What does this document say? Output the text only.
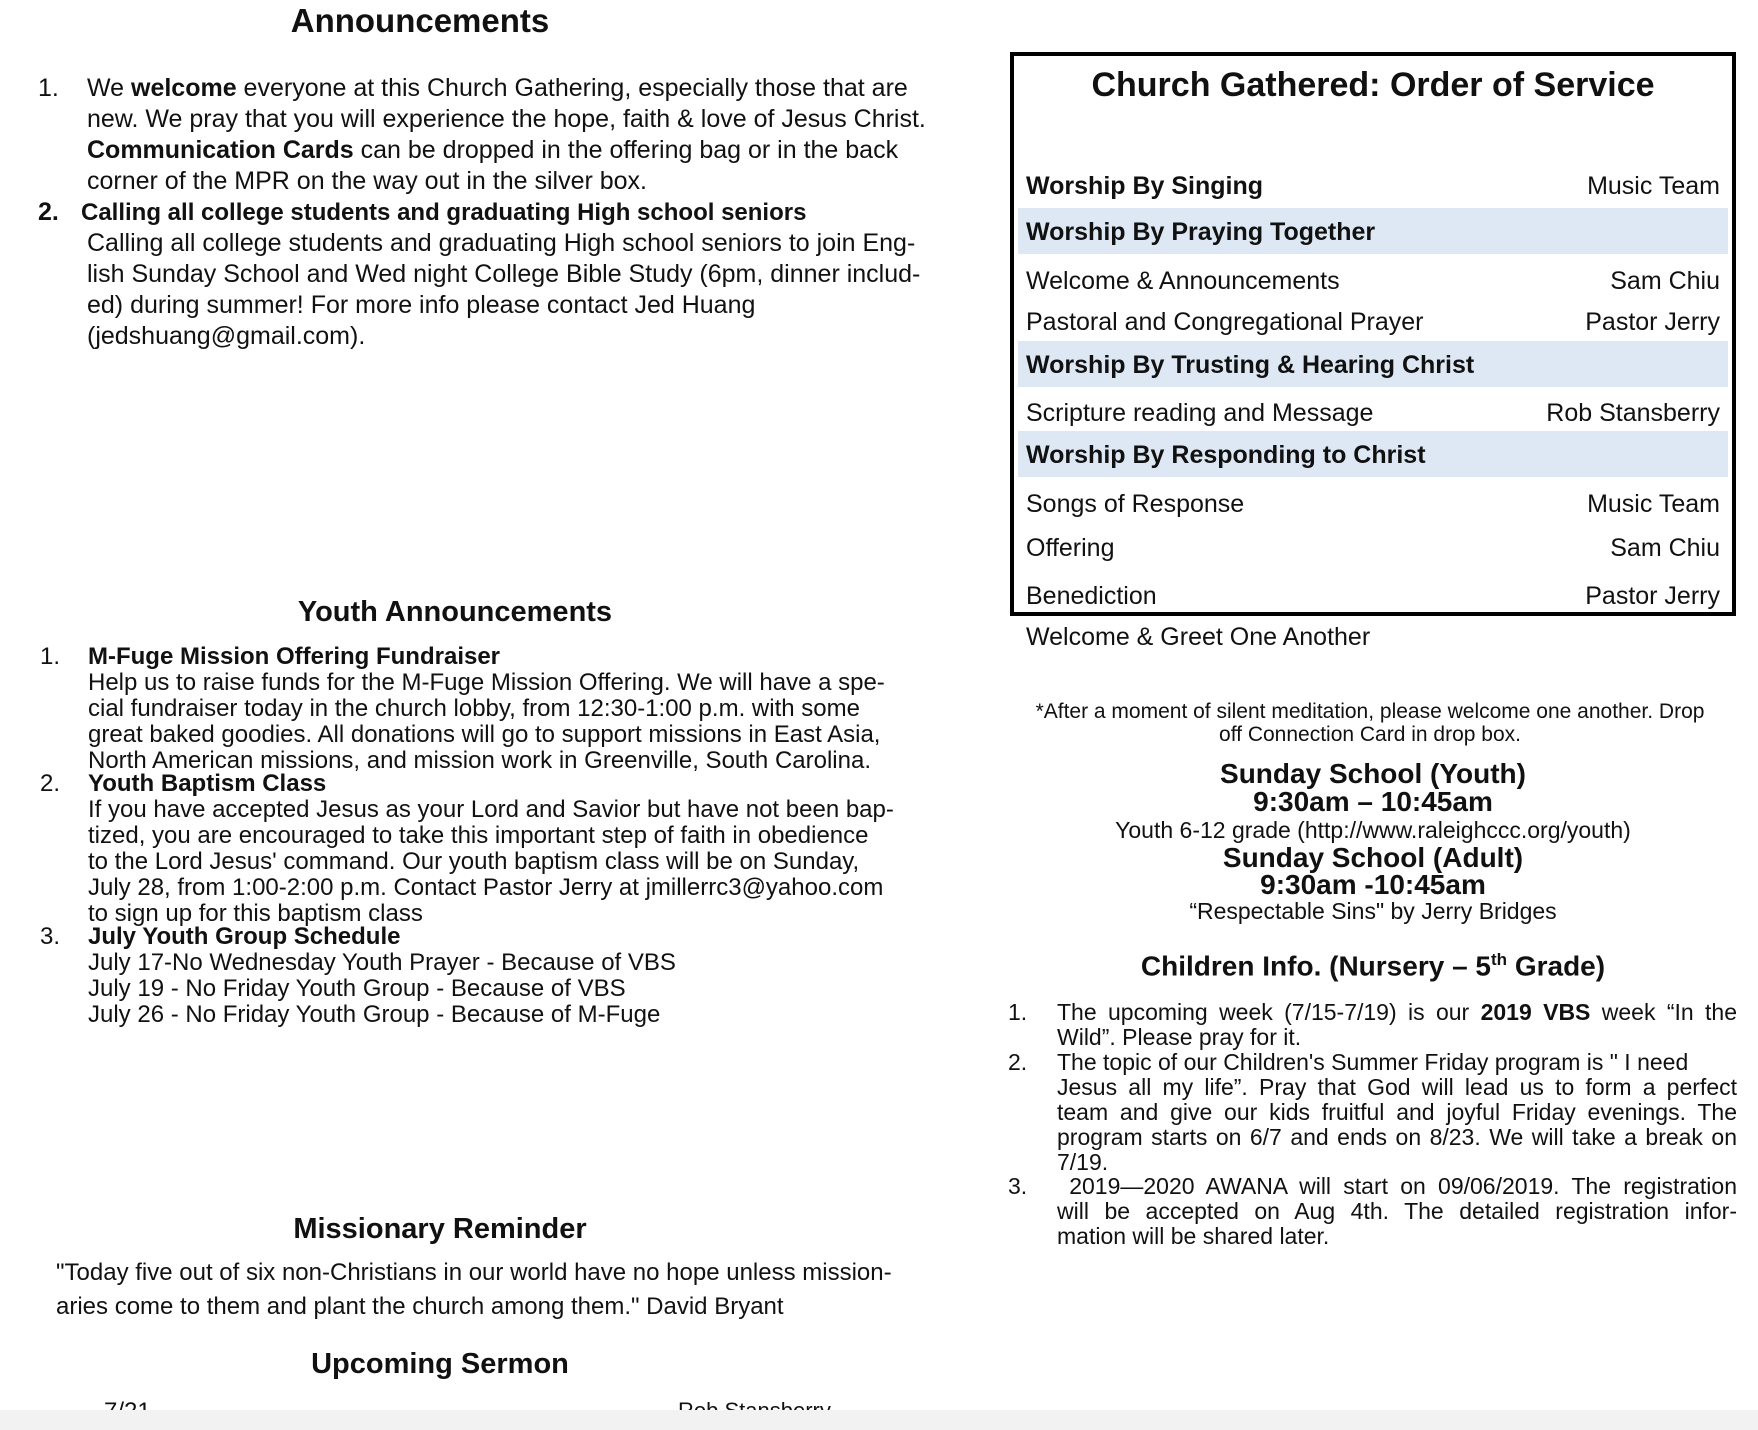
Announcements
1. We welcome everyone at this Church Gathering, especially those that are
new. We pray that you will experience the hope, faith & love of Jesus Christ.
Communication Cards can be dropped in the offering bag or in the back
corner of the MPR on the way out in the silver box.
2. Calling all college students and graduating High school seniors
Calling all college students and graduating High school seniors to join Eng-
lish Sunday School and Wed night College Bible Study (6pm, dinner includ-
ed) during summer! For more info please contact Jed Huang
(jedshuang@gmail.com).
Youth Announcements
1. M-Fuge Mission Offering Fundraiser
Help us to raise funds for the M-Fuge Mission Offering. We will have a spe-
cial fundraiser today in the church lobby, from 12:30-1:00 p.m. with some
great baked goodies. All donations will go to support missions in East Asia,
North American missions, and mission work in Greenville, South Carolina.
2. Youth Baptism Class
If you have accepted Jesus as your Lord and Savior but have not been bap-
tized, you are encouraged to take this important step of faith in obedience
to the Lord Jesus' command. Our youth baptism class will be on Sunday,
July 28, from 1:00-2:00 p.m. Contact Pastor Jerry at jmillerrc3@yahoo.com
to sign up for this baptism class
3. July Youth Group Schedule
July 17-No Wednesday Youth Prayer - Because of VBS
July 19 - No Friday Youth Group - Because of VBS
July 26 - No Friday Youth Group - Because of M-Fuge
Missionary Reminder
"Today five out of six non-Christians in our world have no hope unless mission-
aries come to them and plant the church among them." David Bryant
Upcoming Sermon
Church Gathered: Order of Service
Worship By Singing	Music Team
Worship By Praying Together
Welcome & Announcements	Sam Chiu
Pastoral and Congregational Prayer	Pastor Jerry
Worship By Trusting & Hearing Christ
Scripture reading and Message	Rob Stansberry
Worship By Responding to Christ
Songs of Response	Music Team
Offering	Sam Chiu
Benediction	Pastor Jerry
Welcome & Greet One Another
*After a moment of silent meditation, please welcome one another. Drop
off Connection Card in drop box.
Sunday School (Youth)
9:30am – 10:45am
Youth 6-12 grade (http://www.raleighccc.org/youth)
Sunday School (Adult)
9:30am -10:45am
“Respectable Sins" by Jerry Bridges
Children Info. (Nursery – 5th Grade)
1. The upcoming week (7/15-7/19) is our 2019 VBS week “In the
Wild”. Please pray for it.
2. The topic of our Children's Summer Friday program is " I need
Jesus all my life”. Pray that God will lead us to form a perfect
team and give our kids fruitful and joyful Friday evenings. The
program starts on 6/7 and ends on 8/23. We will take a break on
7/19.
3. 2019—2020 AWANA will start on 09/06/2019. The registration
will be accepted on Aug 4th. The detailed registration infor-
mation will be shared later.
